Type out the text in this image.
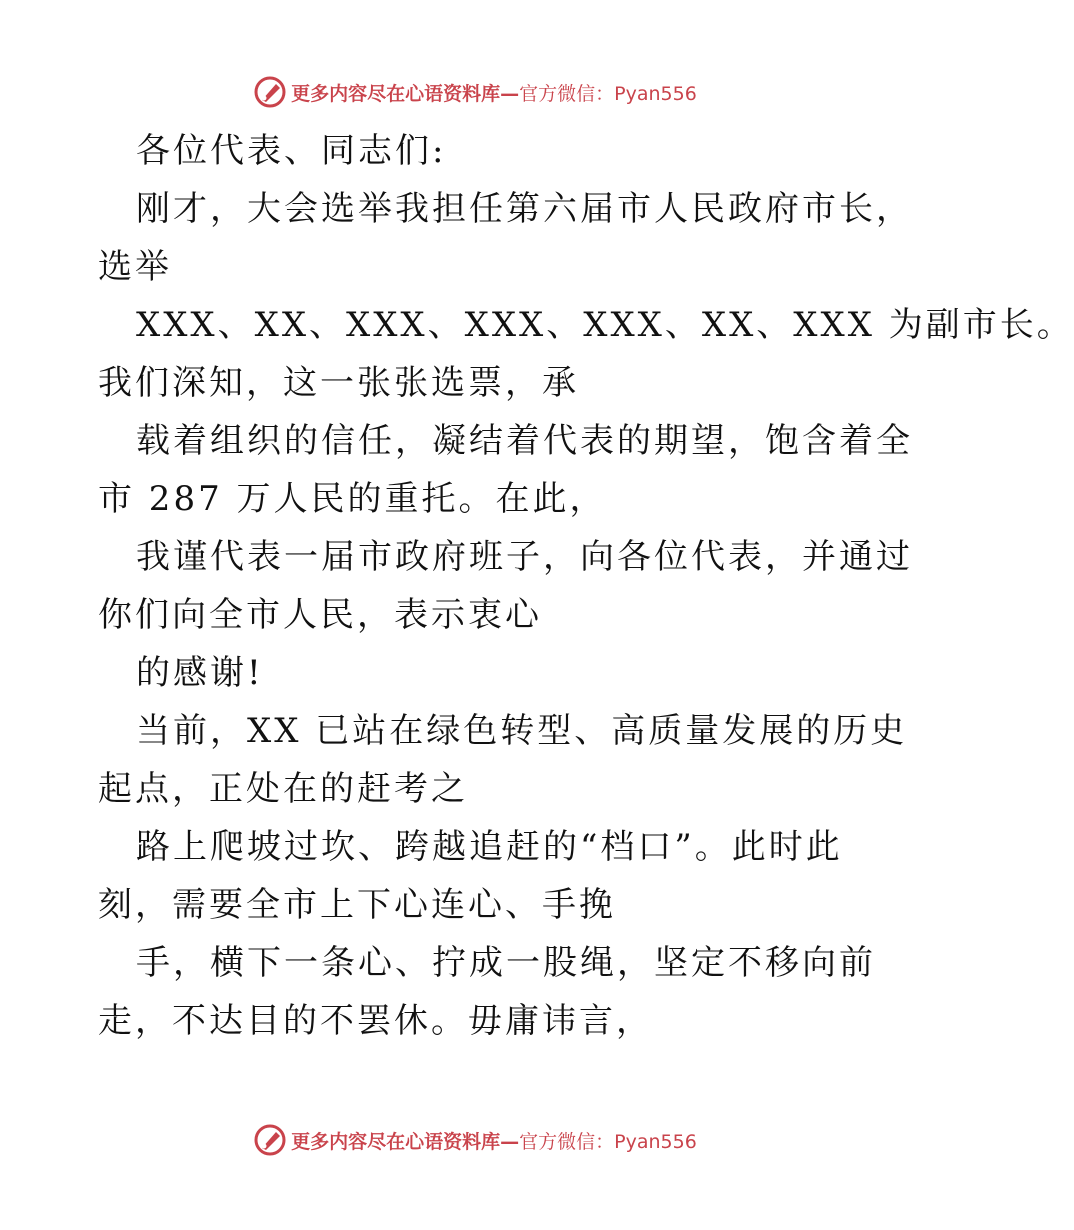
更多内容尽在心语资料库—官方微信：Pyan556
各位代表、同志们:
刚才，大会选举我担任第六届市人民政府市长，
选举
XXX、XX、XXX、XXX、XXX、XX、XXX 为副市长。
我们深知，这一张张选票，承
载着组织的信任，凝结着代表的期望，饱含着全
市 287 万人民的重托。在此，
我谨代表一届市政府班子，向各位代表，并通过
你们向全市人民，表示衷心
的感谢!
当前，XX 已站在绿色转型、高质量发展的历史
起点，正处在的赶考之
路上爬坡过坎、跨越追赶的“档口”。此时此
刻，需要全市上下心连心、手挽
手，横下一条心、拧成一股绳，坚定不移向前
走，不达目的不罢休。毋庸讳言，
更多内容尽在心语资料库—官方微信：Pyan556
